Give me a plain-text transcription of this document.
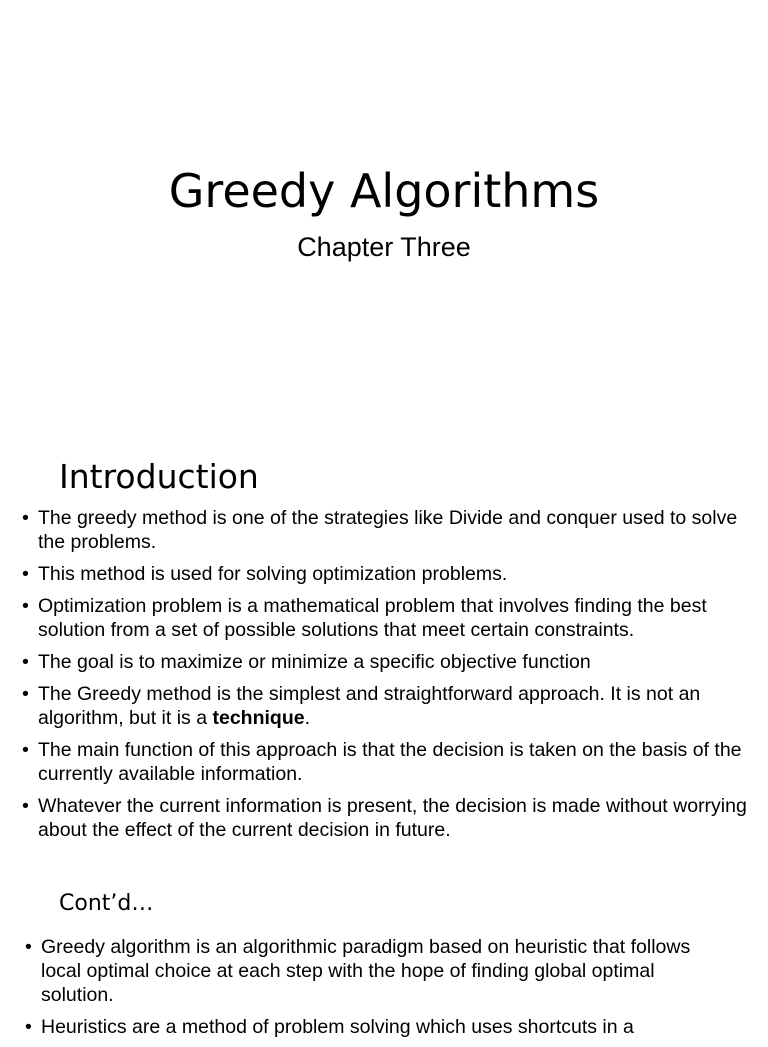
Greedy Algorithms
Chapter Three
Introduction
• The greedy method is one of the strategies like Divide and conquer used to solve the problems.
• This method is used for solving optimization problems.
• Optimization problem is a mathematical problem that involves finding the best solution from a set of possible solutions that meet certain constraints.
• The goal is to maximize or minimize a specific objective function
• The Greedy method is the simplest and straightforward approach. It is not an algorithm, but it is a technique.
• The main function of this approach is that the decision is taken on the basis of the currently available information.
• Whatever the current information is present, the decision is made without worrying about the effect of the current decision in future.
Cont’d…
• Greedy algorithm is an algorithmic paradigm based on heuristic that follows local optimal choice at each step with the hope of finding global optimal solution.
• Heuristics are a method of problem solving which uses shortcuts in a
